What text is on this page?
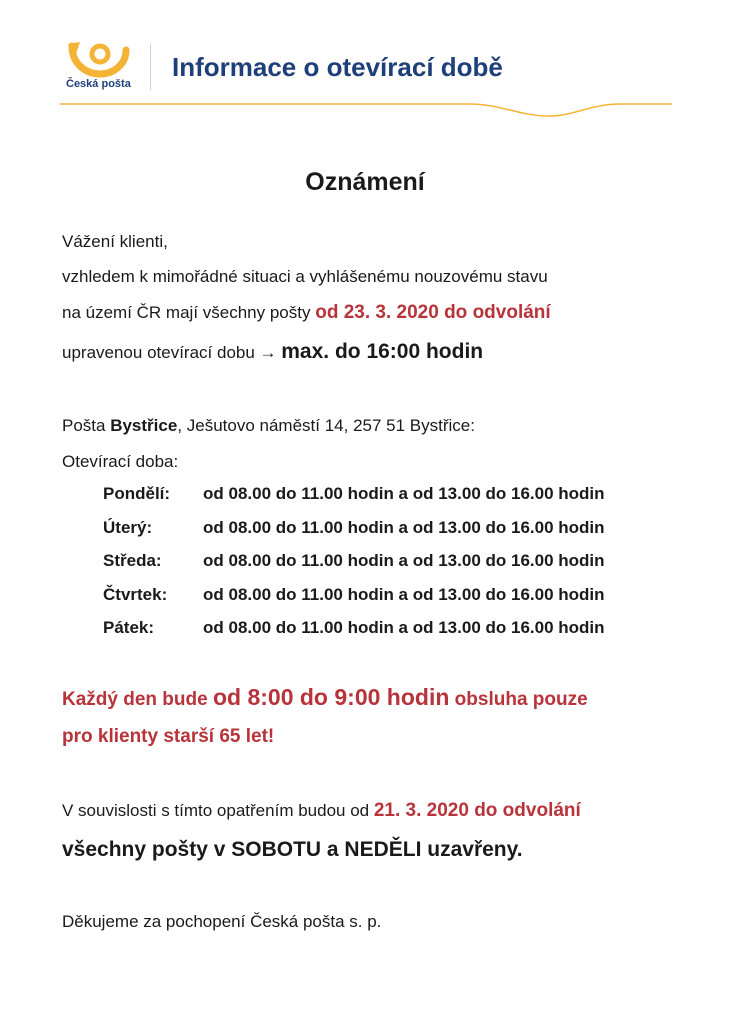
Česká pošta
Informace o otevírací době
Oznámení
Vážení klienti,
vzhledem k mimořádné situaci a vyhlášenému nouzovému stavu
na území ČR mají všechny pošty od 23. 3. 2020 do odvolání
upravenou otevírací dobu → max. do 16:00 hodin
Pošta Bystřice, Ješutovo náměstí 14, 257 51 Bystřice:
Otevírací doba:
Pondělí: od 08.00 do 11.00 hodin a od 13.00 do 16.00 hodin
Úterý:	od 08.00 do 11.00 hodin a od 13.00 do 16.00 hodin
Středa: od 08.00 do 11.00 hodin a od 13.00 do 16.00 hodin
Čtvrtek: od 08.00 do 11.00 hodin a od 13.00 do 16.00 hodin
Pátek:	od 08.00 do 11.00 hodin a od 13.00 do 16.00 hodin
Každý den bude od 8:00 do 9:00 hodin obsluha pouze
pro klienty starší 65 let!
V souvislosti s tímto opatřením budou od 21. 3. 2020 do odvolání
všechny pošty v SOBOTU a NEDĚLI uzavřeny.
Děkujeme za pochopení Česká pošta s. p.
